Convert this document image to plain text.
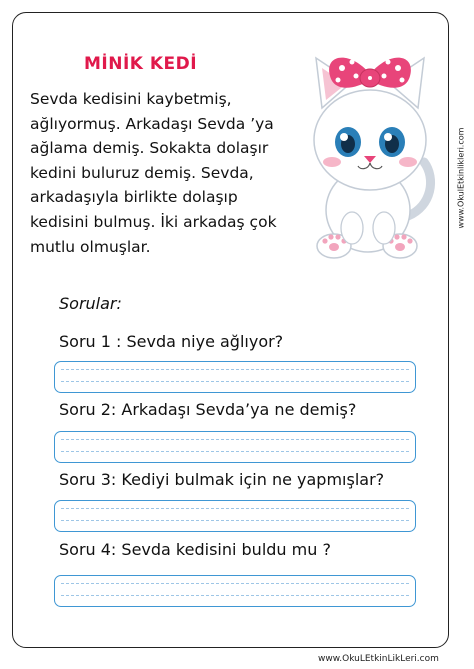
MİNİK KEDİ
Sevda kedisini kaybetmiş,
ağlıyormuş. Arkadaşı Sevda ’ya
ağlama demiş. Sokakta dolaşır
kedini buluruz demiş. Sevda,
arkadaşıyla birlikte dolaşıp
kedisini bulmuş. İki arkadaş çok
mutlu olmuşlar.
www.OkulEtkinlikleri.com
Sorular:
Soru 1 : Sevda niye ağlıyor?
Soru 2: Arkadaşı Sevda’ya ne demiş?
Soru 3: Kediyi bulmak için ne yapmışlar?
Soru 4: Sevda kedisini buldu mu ?
www.OkuLEtkinLikLeri.com
